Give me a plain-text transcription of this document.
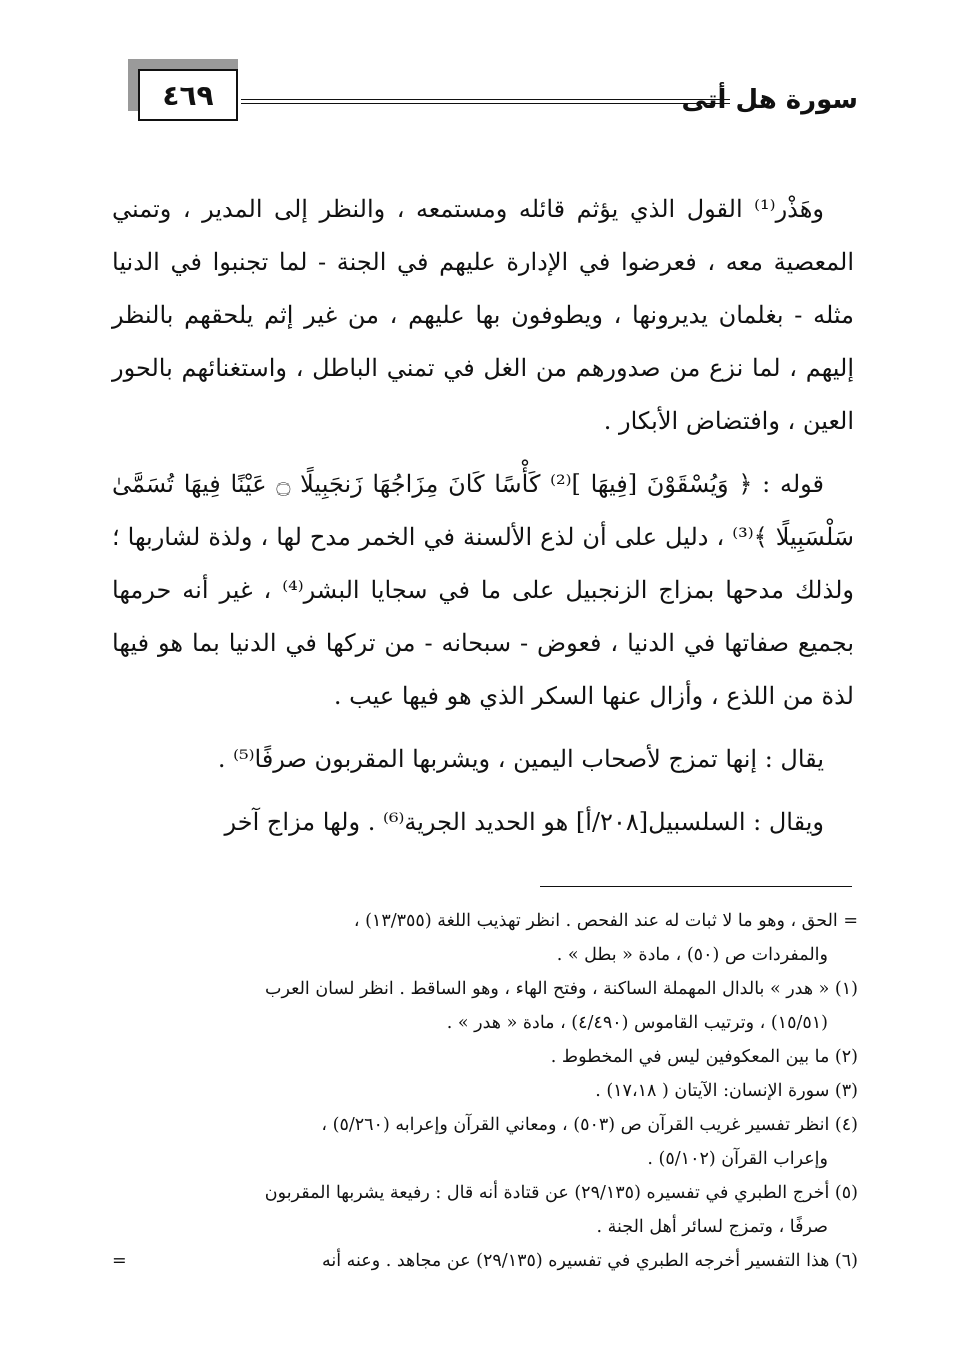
٤٦٩	سورة هل أتى

وهَذْر⁽¹⁾ القول الذي يؤثم قائله ومستمعه ، والنظر إلى المدير ، وتمني المعصية معه ، فعرضوا في الإدارة عليهم في الجنة - لما تجنبوا في الدنيا مثله - بغلمان يديرونها ، ويطوفون بها عليهم ، من غير إثم يلحقهم بالنظر إليهم ، لما نزع من صدورهم من الغل في تمني الباطل ، واستغنائهم بالحور العين ، وافتضاض الأبكار .

قوله : ﴿ وَيُسْقَوْنَ [فِيهَا ]⁽²⁾ كَأْسًا كَانَ مِزَاجُهَا زَنجَبِيلًا ۝ عَيْنًا فِيهَا تُسَمَّىٰ سَلْسَبِيلًا ﴾⁽³⁾ ، دليل على أن لذع الألسنة في الخمر مدح لها ، ولذة لشاربها ؛ ولذلك مدحها بمزاج الزنجبيل على ما في سجايا البشر⁽⁴⁾ ، غير أنه حرمها بجميع صفاتها في الدنيا ، فعوض - سبحانه - من تركها في الدنيا بما هو فيها لذة من اللذع ، وأزال عنها السكر الذي هو فيها عيب .

يقال : إنها تمزج لأصحاب اليمين ، ويشربها المقربون صرفًا⁽⁵⁾ .

ويقال : السلسبيل[٢٠٨/أ] هو الحديد الجرية⁽⁶⁾ . ولها مزاج آخر

= الحق ، وهو ما لا ثبات له عند الفحص . انظر تهذيب اللغة (١٣/٣٥٥) ،
والمفردات ص (٥٠) ، مادة « بطل » .

(١) « هدر » بالدال المهملة الساكنة ، وفتح الهاء ، وهو الساقط . انظر لسان العرب
(١٥/٥١) ، وترتيب القاموس (٤/٤٩٠) ، مادة « هدر » .

(٢) ما بين المعكوفين ليس في المخطوط .

(٣) سورة الإنسان: الآيتان ( ١٧،١٨) .

(٤) انظر تفسير غريب القرآن ص (٥٠٣) ، ومعاني القرآن وإعرابه (٥/٢٦٠) ،
وإعراب القرآن (٥/١٠٢) .

(٥) أخرج الطبري في تفسيره (٢٩/١٣٥) عن قتادة أنه قال : رفيعة يشربها المقربون
صرفًا ، وتمزج لسائر أهل الجنة .

(٦) هذا التفسير أخرجه الطبري في تفسيره (٢٩/١٣٥) عن مجاهد . وعنه أنه
=
